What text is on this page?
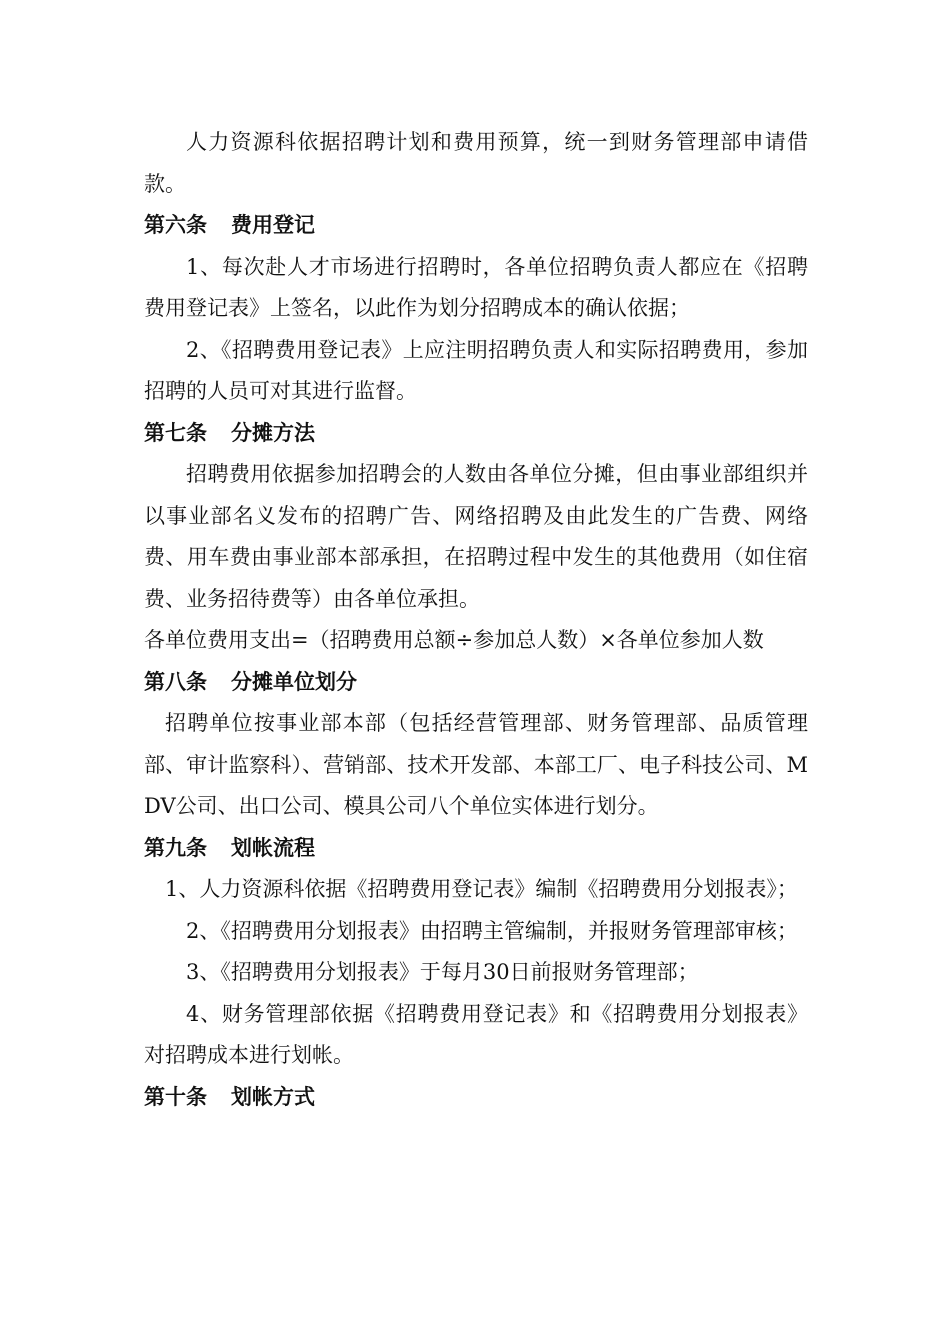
人力资源科依据招聘计划和费用预算，统一到财务管理部申请借款。

第六条 费用登记

1、每次赴人才市场进行招聘时，各单位招聘负责人都应在《招聘费用登记表》上签名，以此作为划分招聘成本的确认依据；

2、《招聘费用登记表》上应注明招聘负责人和实际招聘费用，参加招聘的人员可对其进行监督。

第七条 分摊方法

招聘费用依据参加招聘会的人数由各单位分摊，但由事业部组织并以事业部名义发布的招聘广告、网络招聘及由此发生的广告费、网络费、用车费由事业部本部承担，在招聘过程中发生的其他费用（如住宿费、业务招待费等）由各单位承担。

各单位费用支出=（招聘费用总额÷参加总人数）×各单位参加人数

第八条 分摊单位划分

招聘单位按事业部本部（包括经营管理部、财务管理部、品质管理部、审计监察科）、营销部、技术开发部、本部工厂、电子科技公司、MDV公司、出口公司、模具公司八个单位实体进行划分。

第九条 划帐流程

1、人力资源科依据《招聘费用登记表》编制《招聘费用分划报表》；

2、《招聘费用分划报表》由招聘主管编制，并报财务管理部审核；

3、《招聘费用分划报表》于每月30日前报财务管理部；

4、财务管理部依据《招聘费用登记表》和《招聘费用分划报表》对招聘成本进行划帐。

第十条 划帐方式
